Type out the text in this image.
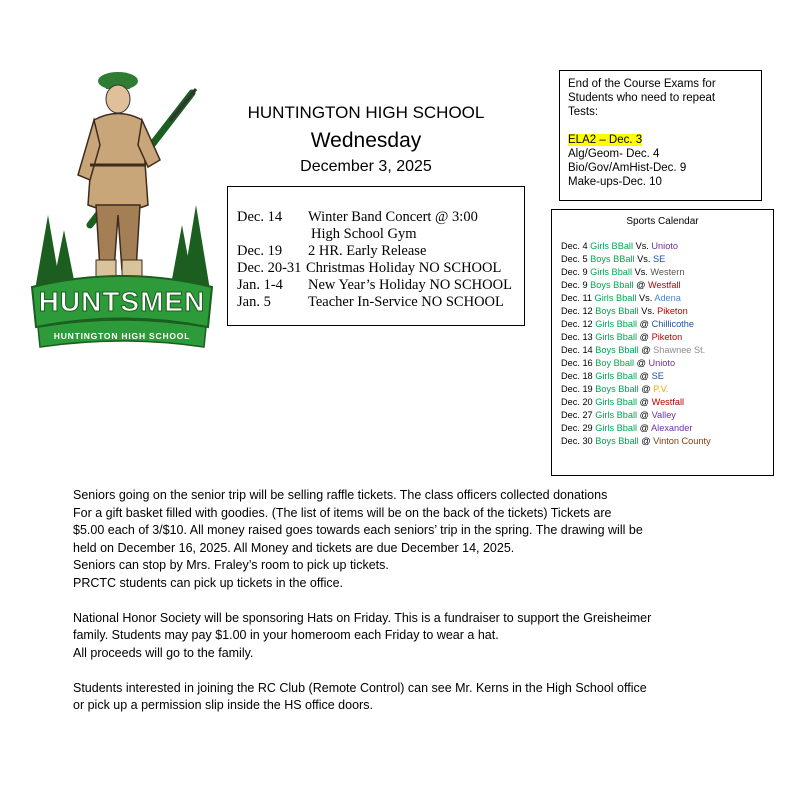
HUNTSMEN
HUNTINGTON HIGH SCHOOL
HUNTINGTON HIGH SCHOOL
Wednesday
December 3, 2025
Dec. 14 Winter Band Concert @ 3:00
High School Gym
Dec. 19 2 HR. Early Release
Dec. 20-31 Christmas Holiday NO SCHOOL
Jan. 1-4 New Year’s Holiday NO SCHOOL
Jan. 5	Teacher In-Service NO SCHOOL
End of the Course Exams for
Students who need to repeat
Tests:
ELA2 – Dec. 3
Alg/Geom- Dec. 4
Bio/Gov/AmHist-Dec. 9
Make-ups-Dec. 10
Sports Calendar
Dec. 4 Girls BBall Vs. Unioto
Dec. 5 Boys BBall Vs. SE
Dec. 9 Girls Bball Vs. Western
Dec. 9 Boys Bball @ Westfall
Dec. 11 Girls Bball Vs. Adena
Dec. 12 Boys Bball Vs. Piketon
Dec. 12 Girls Bball @ Chillicothe
Dec. 13 Girls Bball @ Piketon
Dec. 14 Boys Bball @ Shawnee St.
Dec. 16 Boy Bball @ Unioto
Dec. 18 Girls Bball @ SE
Dec. 19 Boys Bball @ P.V.
Dec. 20 Girls Bball @ Westfall
Dec. 27 Girls Bball @ Valley
Dec. 29 Girls Bball @ Alexander
Dec. 30 Boys Bball @ Vinton County

Seniors going on the senior trip will be selling raffle tickets. The class officers collected donations

For a gift basket filled with goodies. (The list of items will be on the back of the tickets) Tickets are

$5.00 each of 3/$10. All money raised goes towards each seniors’ trip in the spring. The drawing will be

held on December 16, 2025. All Money and tickets are due December 14, 2025.

Seniors can stop by Mrs. Fraley’s room to pick up tickets.

PRCTC students can pick up tickets in the office.

National Honor Society will be sponsoring Hats on Friday. This is a fundraiser to support the Greisheimer

family. Students may pay $1.00 in your homeroom each Friday to wear a hat.

All proceeds will go to the family.

Students interested in joining the RC Club (Remote Control) can see Mr. Kerns in the High School office

or pick up a permission slip inside the HS office doors.
